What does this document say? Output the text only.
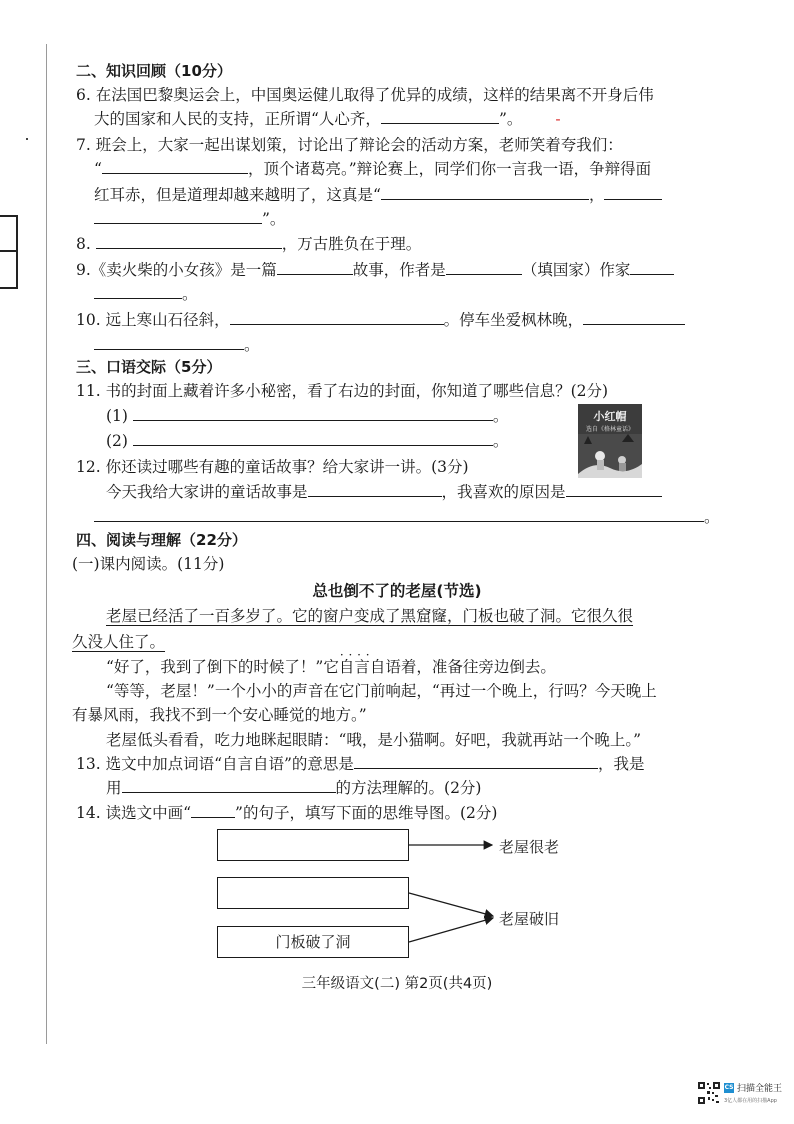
二、知识回顾（10分）
6. 在法国巴黎奥运会上，中国奥运健儿取得了优异的成绩，这样的结果离不开身后伟
大的国家和人民的支持，正所谓“人心齐，	”。 -
7. 班会上，大家一起出谋划策，讨论出了辩论会的活动方案，老师笑着夸我们：
“	，顶个诸葛亮。”辩论赛上，同学们你一言我一语，争辩得面
红耳赤，但是道理却越来越明了，这真是“	，
”。
8.	，万古胜负在于理。
9.《卖火柴的小女孩》是一篇	故事，作者是	（填国家）作家
。
10. 远上寒山石径斜，	。停车坐爱枫林晚，
。
三、口语交际（5分）
11. 书的封面上藏着许多小秘密，看了右边的封面，你知道了哪些信息？(2分)
(1)	。
(2)	。
小红帽
选自《格林童话》
12. 你还读过哪些有趣的童话故事？给大家讲一讲。(3分)
今天我给大家讲的童话故事是	，我喜欢的原因是
。
四、阅读与理解（22分）
(一)课内阅读。(11分)
总也倒不了的老屋(节选)
老屋已经活了一百多岁了。它的窗户变成了黑窟窿，门板也破了洞。它很久很
久没人住了。
“好了，我到了倒下的时候了！”它· · 自言自语着，准备往旁边倒去。
“等等，老屋！”一个小小的声音在它门前响起，“再过一个晚上，行吗？今天晚上
有暴风雨，我找不到一个安心睡觉的地方。”
老屋低头看看，吃力地眯起眼睛：“哦，是小猫啊。好吧，我就再站一个晚上。”
13. 选文中加点词语“自言自语”的意思是	，我是
用	的方法理解的。(2分)
14. 读选文中画“	”的句子，填写下面的思维导图。(2分)
门板破了洞
老屋很老
老屋破旧
三年级语文(二) 第2页(共4页)
CS 扫描全能王
3亿人都在用的扫描App
